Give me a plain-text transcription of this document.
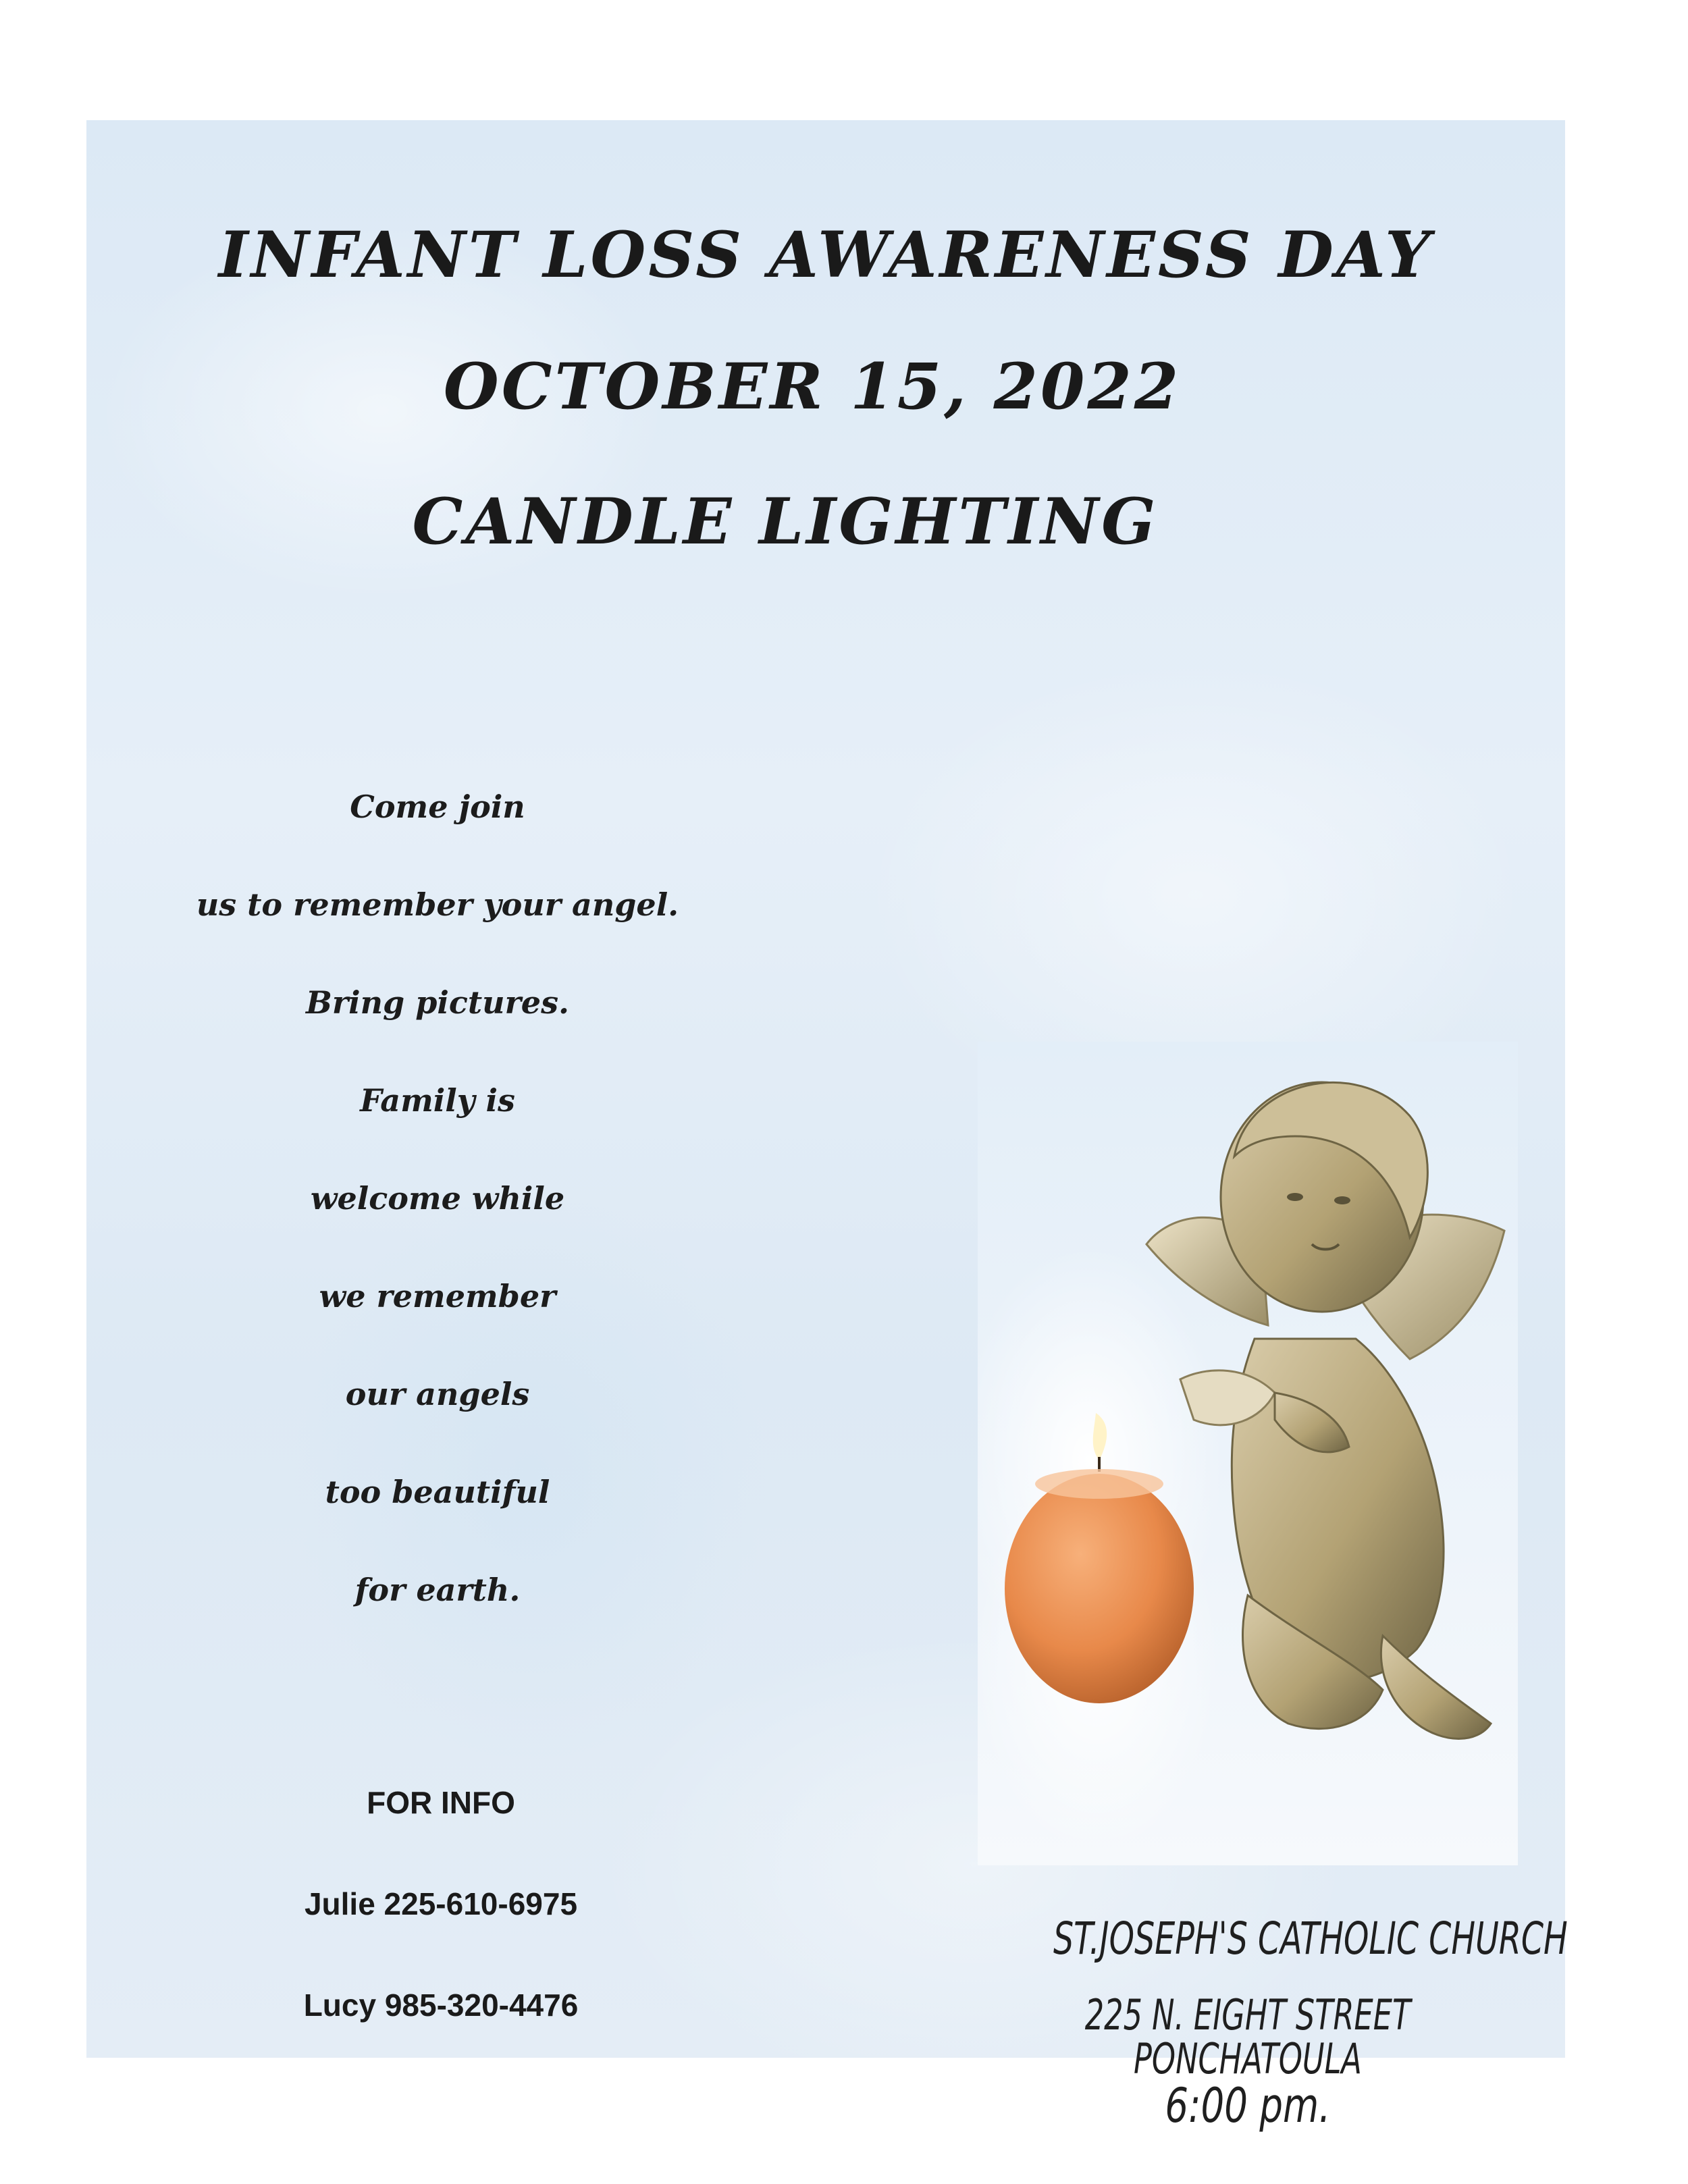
INFANT LOSS AWARENESS DAY
OCTOBER 15, 2022
CANDLE LIGHTING
Come join
us to remember your angel.
Bring pictures.
Family is
welcome while
we remember
our angels
too beautiful
for earth.
FOR INFO
Julie 225-610-6975
Lucy 985-320-4476
ST.JOSEPH'S CATHOLIC CHURCH
225 N. EIGHT STREET
PONCHATOULA
6:00 pm.
